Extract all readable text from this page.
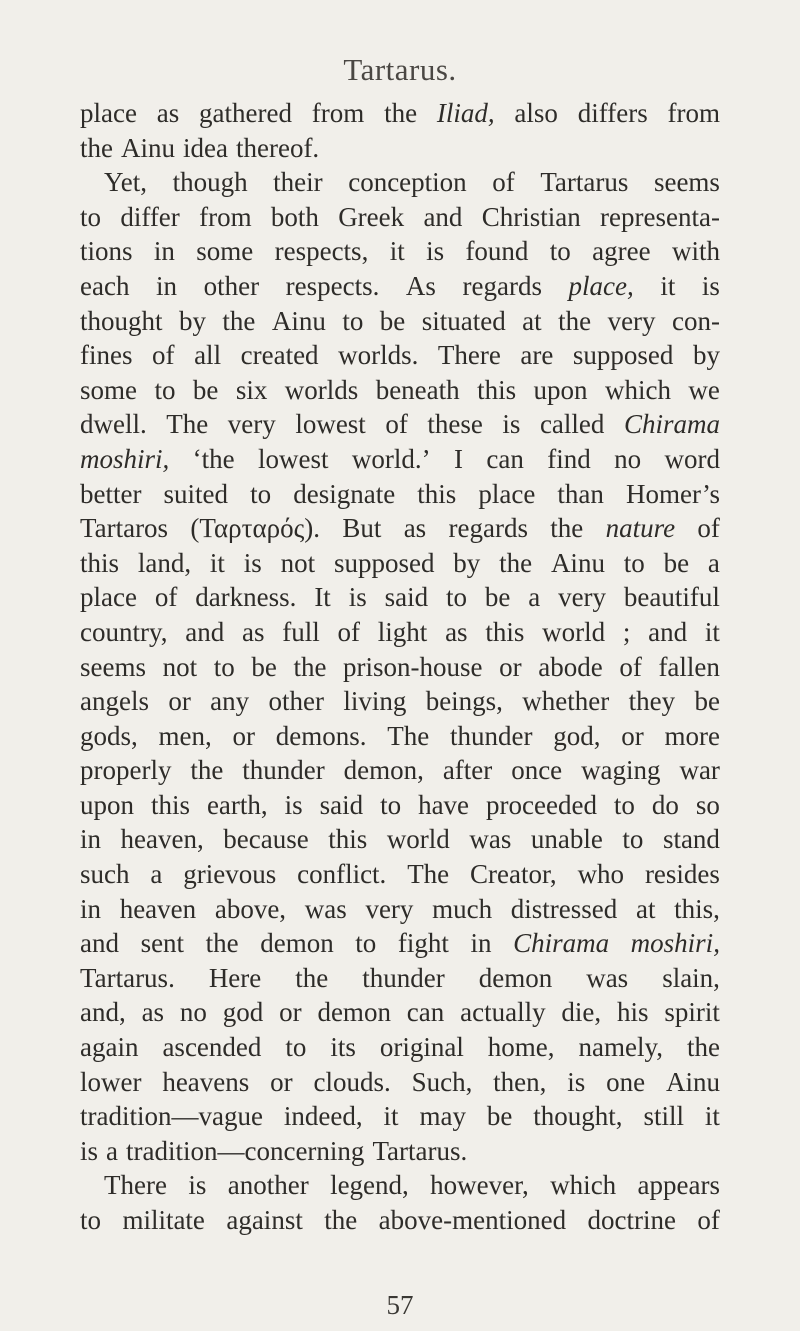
Tartarus.
place as gathered from the Iliad, also differs from
the Ainu idea thereof.
Yet, though their conception of Tartarus seems
to differ from both Greek and Christian representa-
tions in some respects, it is found to agree with
each in other respects. As regards place, it is
thought by the Ainu to be situated at the very con-
fines of all created worlds. There are supposed by
some to be six worlds beneath this upon which we
dwell. The very lowest of these is called Chirama
moshiri, ‘the lowest world.’ I can find no word
better suited to designate this place than Homer’s
Tartaros (Ταρταρός). But as regards the nature of
this land, it is not supposed by the Ainu to be a
place of darkness. It is said to be a very beautiful
country, and as full of light as this world ; and it
seems not to be the prison-house or abode of fallen
angels or any other living beings, whether they be
gods, men, or demons. The thunder god, or more
properly the thunder demon, after once waging war
upon this earth, is said to have proceeded to do so
in heaven, because this world was unable to stand
such a grievous conflict. The Creator, who resides
in heaven above, was very much distressed at this,
and sent the demon to fight in Chirama moshiri,
Tartarus. Here the thunder demon was slain,
and, as no god or demon can actually die, his spirit
again ascended to its original home, namely, the
lower heavens or clouds. Such, then, is one Ainu
tradition—vague indeed, it may be thought, still it
is a tradition—concerning Tartarus.
There is another legend, however, which appears
to militate against the above-mentioned doctrine of
57
